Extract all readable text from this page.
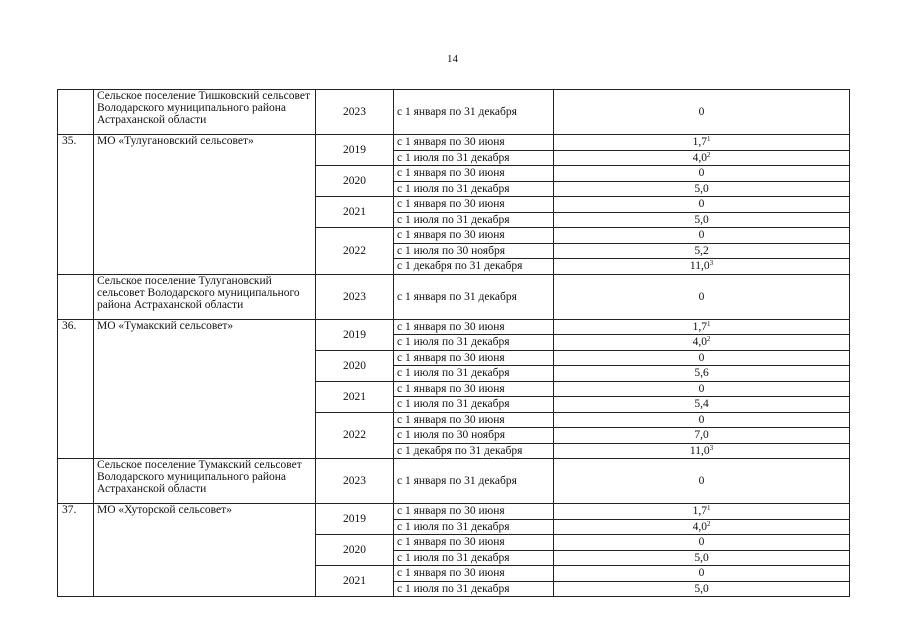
14
	Сельское поселение Тишковский сельсовет Володарского муниципального района Астраханской области	2023	с 1 января по 31 декабря	0
35.	МО «Тулугановский сельсовет»	2019	с 1 января по 30 июня	$1,7^1$
			с 1 июля по 31 декабря	$4,0^2$
		2020	с 1 января по 30 июня	0
			с 1 июля по 31 декабря	5,0
		2021	с 1 января по 30 июня	0
			с 1 июля по 31 декабря	5,0
		2022	с 1 января по 30 июня	0
			с 1 июля по 30 ноября	5,2
			с 1 декабря по 31 декабря	11,0$^3$
	Сельское поселение Тулугановский сельсовет Володарского муниципального района Астраханской области	2023	с 1 января по 31 декабря	0
36.	МО «Тумакский сельсовет»	2019	с 1 января по 30 июня	$1,7^1$
			с 1 июля по 31 декабря	$4,0^2$
		2020	с 1 января по 30 июня	0
			с 1 июля по 31 декабря	5,6
		2021	с 1 января по 30 июня	0
			с 1 июля по 31 декабря	5,4
		2022	с 1 января по 30 июня	0
			с 1 июля по 30 ноября	7,0
			с 1 декабря по 31 декабря	11,0$^3$
	Сельское поселение Тумакский сельсовет Володарского муниципального района Астраханской области	2023	с 1 января по 31 декабря	0
37.	МО «Хуторской сельсовет»	2019	с 1 января по 30 июня	$1,7^1$
			с 1 июля по 31 декабря	$4,0^2$
		2020	с 1 января по 30 июня	0
			с 1 июля по 31 декабря	5,0
		2021	с 1 января по 30 июня	0
			с 1 июля по 31 декабря	5,0
